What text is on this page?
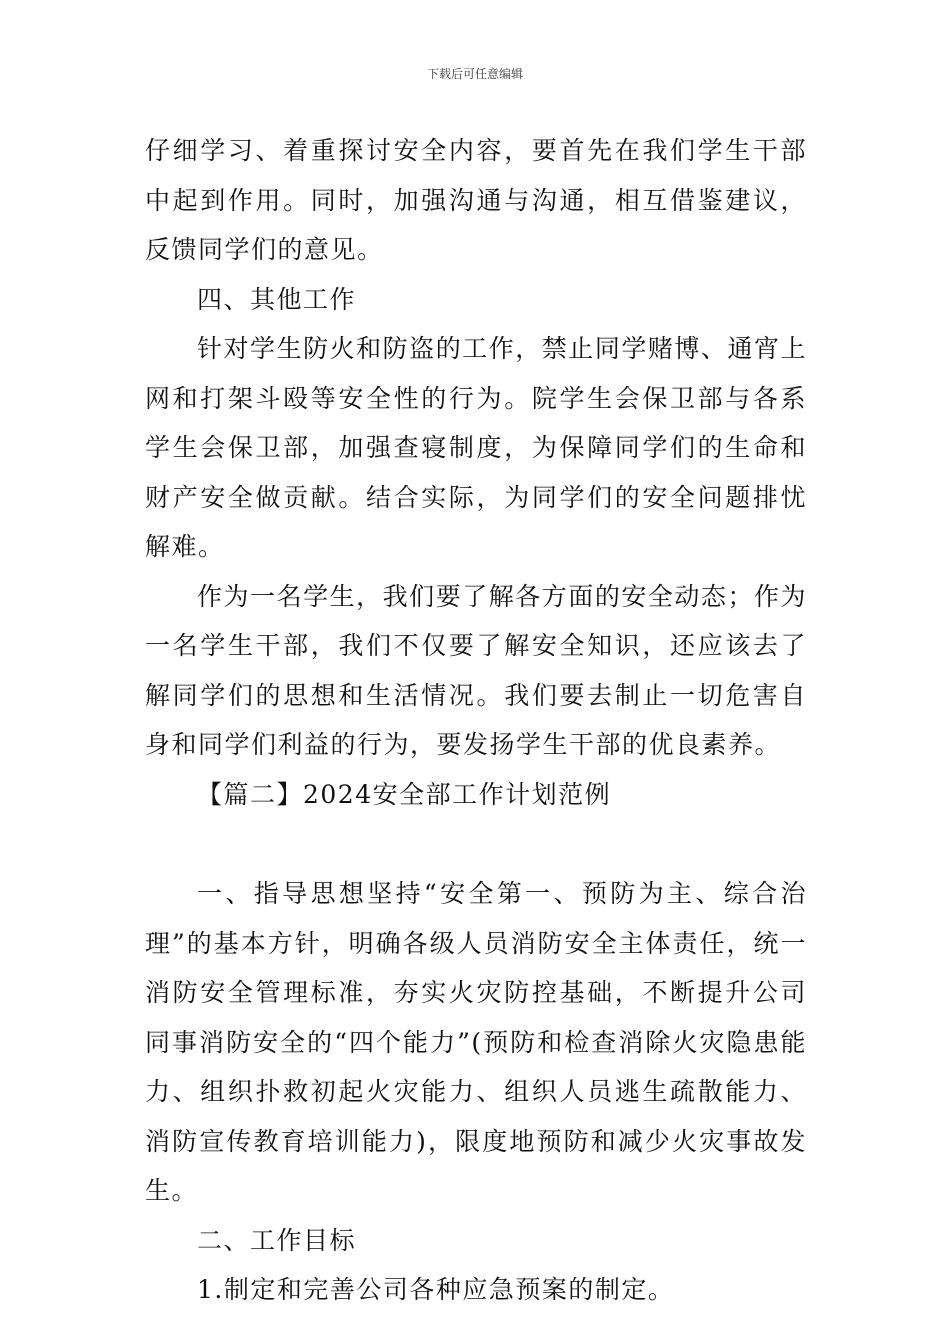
下载后可任意编辑

仔细学习、着重探讨安全内容，要首先在我们学生干部中起到作用。同时，加强沟通与沟通，相互借鉴建议，反馈同学们的意见。

四、其他工作

针对学生防火和防盗的工作，禁止同学赌博、通宵上网和打架斗殴等安全性的行为。院学生会保卫部与各系学生会保卫部，加强查寝制度，为保障同学们的生命和财产安全做贡献。结合实际，为同学们的安全问题排忧解难。

作为一名学生，我们要了解各方面的安全动态；作为一名学生干部，我们不仅要了解安全知识，还应该去了解同学们的思想和生活情况。我们要去制止一切危害自身和同学们利益的行为，要发扬学生干部的优良素养。

【篇二】2024安全部工作计划范例

一、指导思想坚持“安全第一、预防为主、综合治理”的基本方针，明确各级人员消防安全主体责任，统一消防安全管理标准，夯实火灾防控基础，不断提升公司同事消防安全的“四个能力”(预防和检查消除火灾隐患能力、组织扑救初起火灾能力、组织人员逃生疏散能力、消防宣传教育培训能力)，限度地预防和减少火灾事故发生。

二、工作目标

1.制定和完善公司各种应急预案的制定。
